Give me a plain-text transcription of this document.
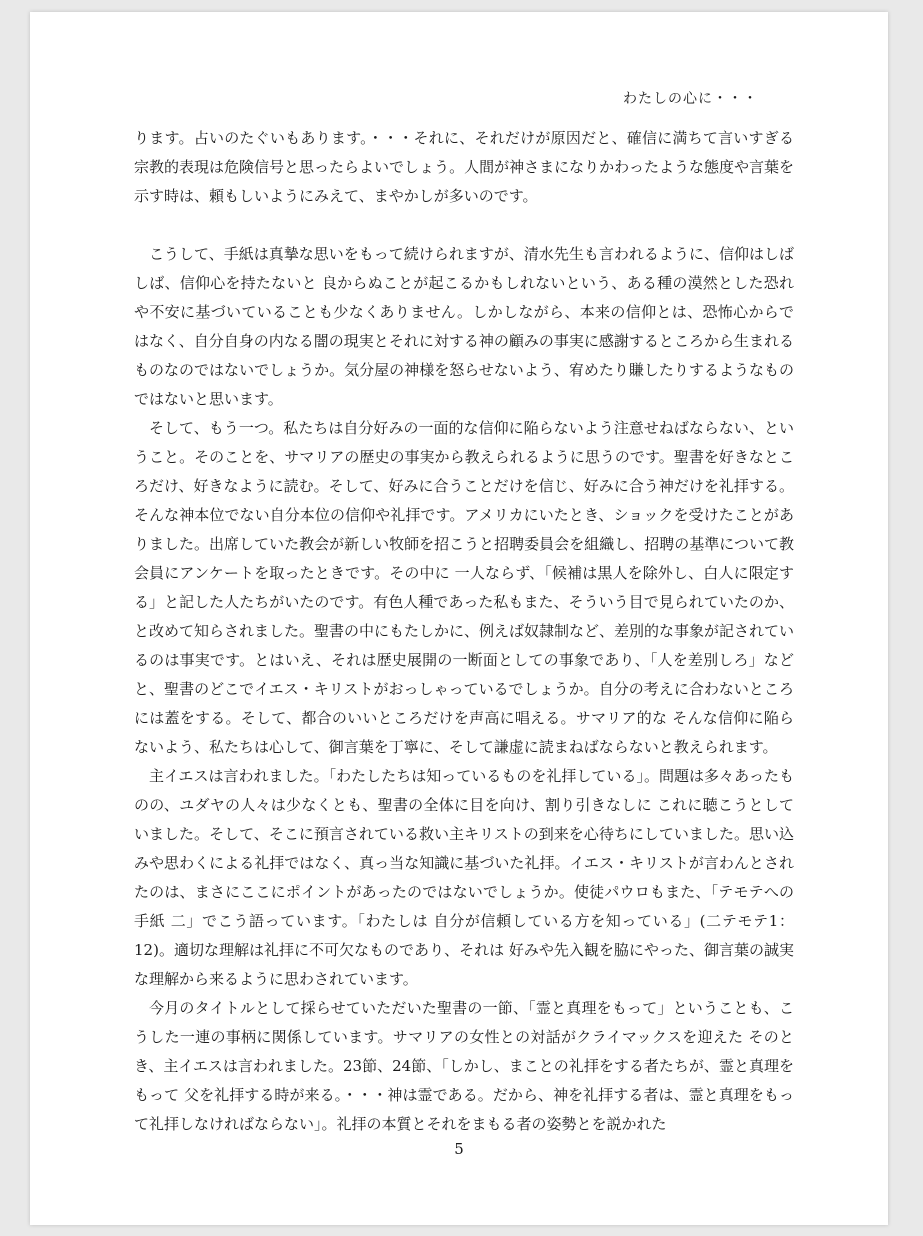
わたしの心に・・・

ります。占いのたぐいもあります。・・・それに、それだけが原因だと、確信に満ちて言いすぎる宗教的表現は危険信号と思ったらよいでしょう。人間が神さまになりかわったような態度や言葉を示す時は、頼もしいようにみえて、まやかしが多いのです。

こうして、手紙は真摯な思いをもって続けられますが、清水先生も言われるように、信仰はしばしば、信仰心を持たないと 良からぬことが起こるかもしれないという、ある種の漠然とした恐れや不安に基づいていることも少なくありません。しかしながら、本来の信仰とは、恐怖心からではなく、自分自身の内なる闇の現実とそれに対する神の顧みの事実に感謝するところから生まれるものなのではないでしょうか。気分屋の神様を怒らせないよう、宥めたり賺したりするようなものではないと思います。

そして、もう一つ。私たちは自分好みの一面的な信仰に陥らないよう注意せねばならない、ということ。そのことを、サマリアの歴史の事実から教えられるように思うのです。聖書を好きなところだけ、好きなように読む。そして、好みに合うことだけを信じ、好みに合う神だけを礼拝する。そんな神本位でない自分本位の信仰や礼拝です。アメリカにいたとき、ショックを受けたことがありました。出席していた教会が新しい牧師を招こうと招聘委員会を組織し、招聘の基準について教会員にアンケートを取ったときです。その中に 一人ならず、「候補は黒人を除外し、白人に限定する」と記した人たちがいたのです。有色人種であった私もまた、そういう目で見られていたのか、と改めて知らされました。聖書の中にもたしかに、例えば奴隷制など、差別的な事象が記されているのは事実です。とはいえ、それは歴史展開の一断面としての事象であり、「人を差別しろ」などと、聖書のどこでイエス・キリストがおっしゃっているでしょうか。自分の考えに合わないところには蓋をする。そして、都合のいいところだけを声高に唱える。サマリア的な そんな信仰に陥らないよう、私たちは心して、御言葉を丁寧に、そして謙虚に読まねばならないと教えられます。

主イエスは言われました。「わたしたちは知っているものを礼拝している」。問題は多々あったものの、ユダヤの人々は少なくとも、聖書の全体に目を向け、割り引きなしに これに聴こうとしていました。そして、そこに預言されている救い主キリストの到来を心待ちにしていました。思い込みや思わくによる礼拝ではなく、真っ当な知識に基づいた礼拝。イエス・キリストが言わんとされたのは、まさにここにポイントがあったのではないでしょうか。使徒パウロもまた、「テモテへの手紙 二」でこう語っています。「わたしは 自分が信頼している方を知っている」(二テモテ1：12)。適切な理解は礼拝に不可欠なものであり、それは 好みや先入観を脇にやった、御言葉の誠実な理解から来るように思わされています。

今月のタイトルとして採らせていただいた聖書の一節、「霊と真理をもって」ということも、こうした一連の事柄に関係しています。サマリアの女性との対話がクライマックスを迎えた そのとき、主イエスは言われました。23節、24節、「しかし、まことの礼拝をする者たちが、霊と真理をもって 父を礼拝する時が来る。・・・神は霊である。だから、神を礼拝する者は、霊と真理をもって礼拝しなければならない」。礼拝の本質とそれをまもる者の姿勢とを説かれた

5
